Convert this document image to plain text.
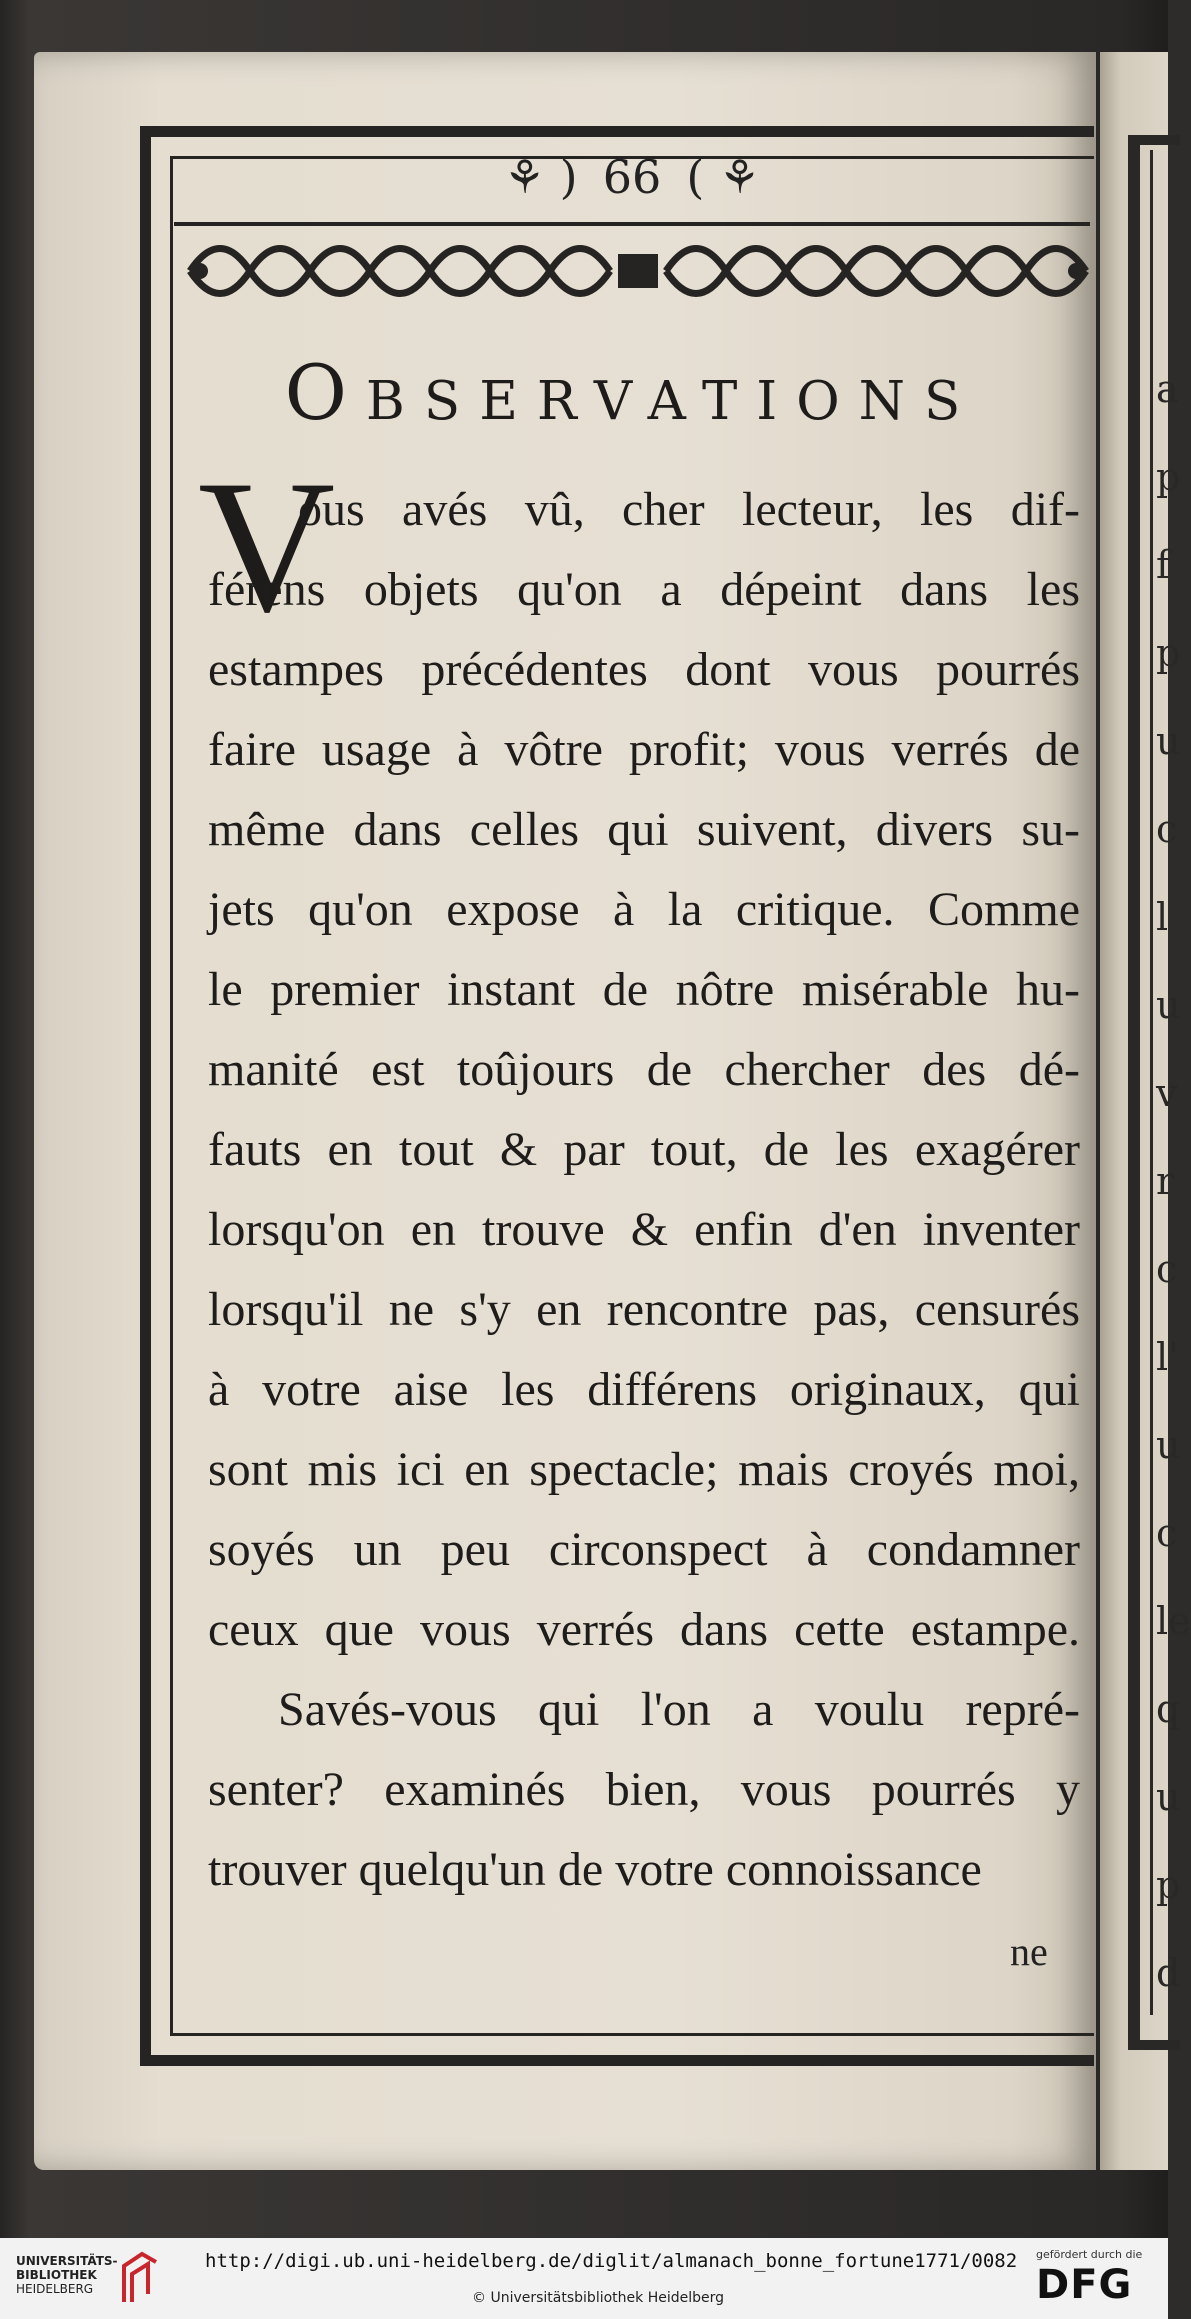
a
p
f
p
u
c
l
u
v
r
c
l'
u
c
le
q
u
p
d
⚘ ) 66 ( ⚘
Observations
V
ous avés vû, cher lecteur, les dif-
férens objets qu'on a dépeint dans les
estampes précédentes dont vous pourrés
faire usage à vôtre profit; vous verrés de
même dans celles qui suivent, divers su-
jets qu'on expose à la critique. Comme
le premier instant de nôtre misérable hu-
manité est toûjours de chercher des dé-
fauts en tout & par tout, de les exagérer
lorsqu'on en trouve & enfin d'en inventer
lorsqu'il ne s'y en rencontre pas, censurés
à votre aise les différens originaux, qui
sont mis ici en spectacle; mais croyés moi,
soyés un peu circonspect à condamner
ceux que vous verrés dans cette estampe.
Savés-vous qui l'on a voulu repré-
senter? examinés bien, vous pourrés y
trouver quelqu'un de votre connoissance
ne
UNIVERSITÄTS-
BIBLIOTHEK
HEIDELBERG
http://digi.ub.uni-heidelberg.de/diglit/almanach_bonne_fortune1771/0082
© Universitätsbibliothek Heidelberg
gefördert durch die
DFG
